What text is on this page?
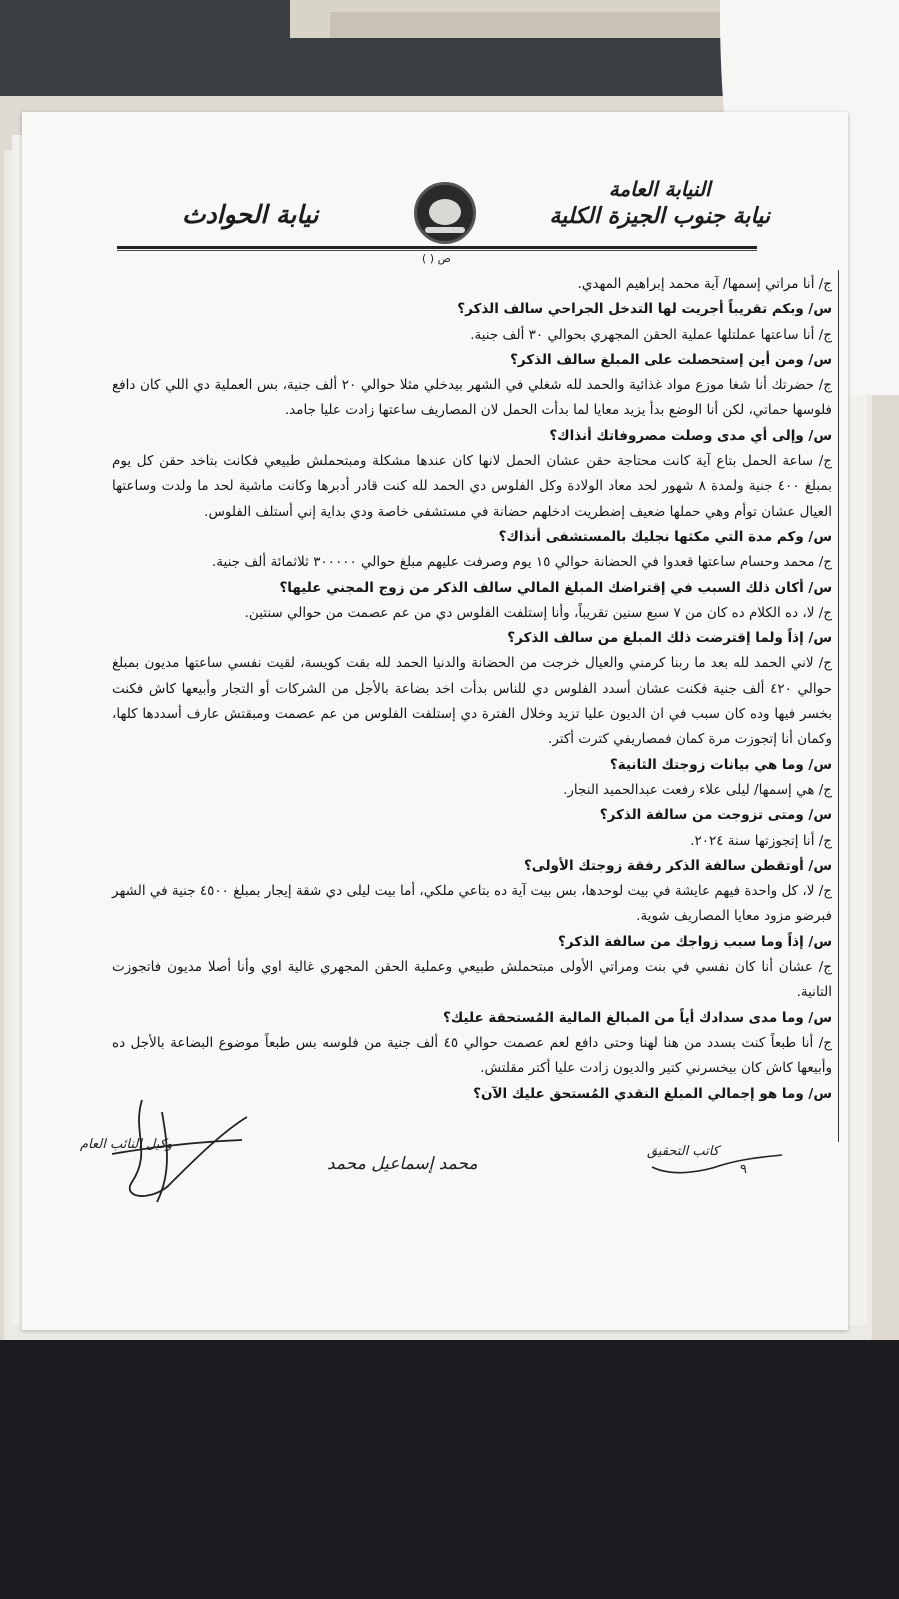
النيابة العامة
نيابة جنوب الجيزة الكلية
نيابة الحوادث
ص ( )
ج/ أنا مراتي إسمها/ آية محمد إبراهيم المهدي.
س/ وبكم تقريباً أجريت لها التدخل الجراحي سالف الذكر؟
ج/ أنا ساعتها عملتلها عملية الحقن المجهري بحوالي ٣٠ ألف جنية.
س/ ومن أين إستحصلت على المبلغ سالف الذكر؟
ج/ حضرتك أنا شغا موزع مواد غذائية والحمد لله شغلي في الشهر بيدخلي مثلا حوالي ٢٠ ألف جنية، بس العملية دي اللي كان دافع فلوسها حماتي، لكن أنا الوضع بدأ يزيد معايا لما بدأت الحمل لان المصاريف ساعتها زادت عليا جامد.
س/ وإلى أي مدى وصلت مصروفاتك أنذاك؟
ج/ ساعة الحمل بتاع آية كانت محتاجة حقن عشان الحمل لانها كان عندها مشكلة ومبتحملش طبيعي فكانت بتاخد حقن كل يوم بمبلغ ٤٠٠ جنية ولمدة ٨ شهور لحد معاد الولادة وكل الفلوس دي الحمد لله كنت قادر أدبرها وكانت ماشية لحد ما ولدت وساعتها العيال عشان توأم وهي حملها ضعيف إضطريت ادخلهم حضانة في مستشفى خاصة ودي بداية إني أستلف الفلوس.
س/ وكم مدة التي مكثها نجليك بالمستشفى أنذاك؟
ج/ محمد وحسام ساعتها قعدوا في الحضانة حوالي ١٥ يوم وصرفت عليهم مبلغ حوالي ٣٠٠٠٠٠ ثلاثمائة ألف جنية.
س/ أكان ذلك السبب في إقتراضك المبلغ المالي سالف الذكر من زوج المجني عليها؟
ج/ لا، ده الكلام ده كان من ٧ سبع سنين تقريباً، وأنا إستلفت الفلوس دي من عم عصمت من حوالي سنتين.
س/ إذاً ولما إقترضت ذلك المبلغ من سالف الذكر؟
ج/ لاني الحمد لله بعد ما ربنا كرمني والعيال خرجت من الحضانة والدنيا الحمد لله بقت كويسة، لقيت نفسي ساعتها مديون بمبلغ حوالي ٤٢٠ ألف جنية فكنت عشان أسدد الفلوس دي للناس بدأت اخد بضاعة بالأجل من الشركات أو التجار وأبيعها كاش فكنت بخسر فيها وده كان سبب في ان الديون عليا تزيد وخلال الفترة دي إستلفت الفلوس من عم عصمت ومبقتش عارف أسددها كلها، وكمان أنا إتجوزت مرة كمان فمصاريفي كترت أكتر.
س/ وما هي بيانات زوجتك الثانية؟
ج/ هي إسمها/ ليلى علاء رفعت عبدالحميد النجار.
س/ ومتى تزوجت من سالفة الذكر؟
ج/ أنا إتجوزتها سنة ٢٠٢٤.
س/ أوتقطن سالفة الذكر رفقة زوجتك الأولى؟
ج/ لا، كل واحدة فيهم عايشة في بيت لوحدها، بس بيت آية ده بتاعي ملكي، أما بيت ليلى دي شقة إيجار بمبلغ ٤٥٠٠ جنية في الشهر فبرضو مزود معايا المصاريف شوية.
س/ إذاً وما سبب زواجك من سالفة الذكر؟
ج/ عشان أنا كان نفسي في بنت ومراتي الأولى مبتحملش طبيعي وعملية الحقن المجهري غالية اوي وأنا أصلا مديون فاتجوزت التانية.
س/ وما مدى سدادك أياً من المبالغ المالية المُستحقة عليك؟
ج/ أنا طبعاً كنت بسدد من هنا لهنا وحتى دافع لعم عصمت حوالي ٤٥ ألف جنية من فلوسه بس طبعاً موضوع البضاعة بالأجل ده وأبيعها كاش كان بيخسرني كتير والديون زادت عليا أكتر مقلتش.
س/ وما هو إجمالي المبلغ النقدي المُستحق عليك الآن؟
وكيل النائب العام
محمد إسماعيل محمد
كاتب التحقيق
٩
